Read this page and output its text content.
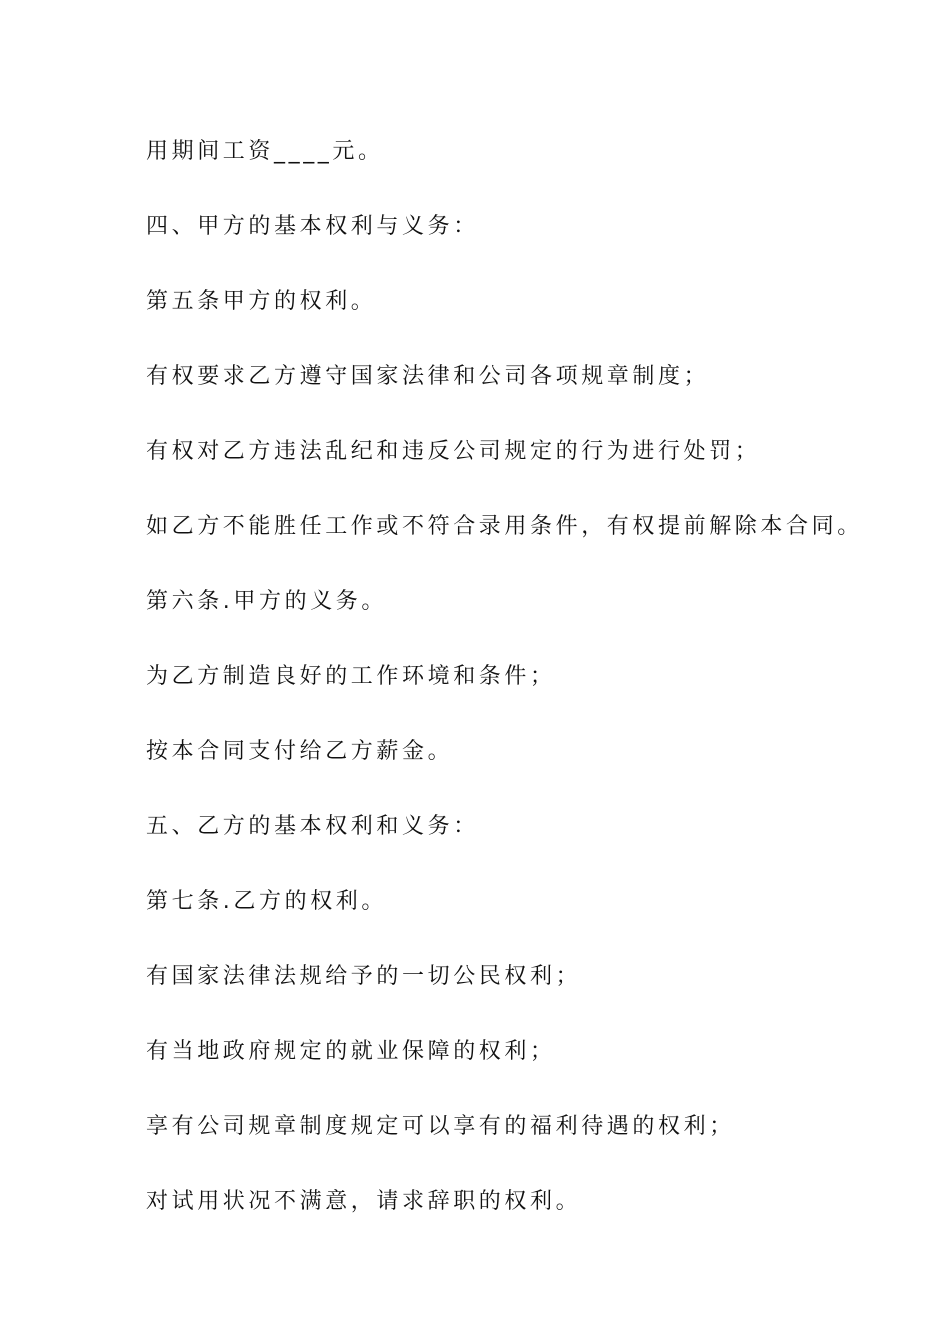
用期间工资____元。
四、甲方的基本权利与义务：
第五条甲方的权利。
有权要求乙方遵守国家法律和公司各项规章制度；
有权对乙方违法乱纪和违反公司规定的行为进行处罚；
如乙方不能胜任工作或不符合录用条件，有权提前解除本合同。
第六条.甲方的义务。
为乙方制造良好的工作环境和条件；
按本合同支付给乙方薪金。
五、乙方的基本权利和义务：
第七条.乙方的权利。
有国家法律法规给予的一切公民权利；
有当地政府规定的就业保障的权利；
享有公司规章制度规定可以享有的福利待遇的权利；
对试用状况不满意，请求辞职的权利。
